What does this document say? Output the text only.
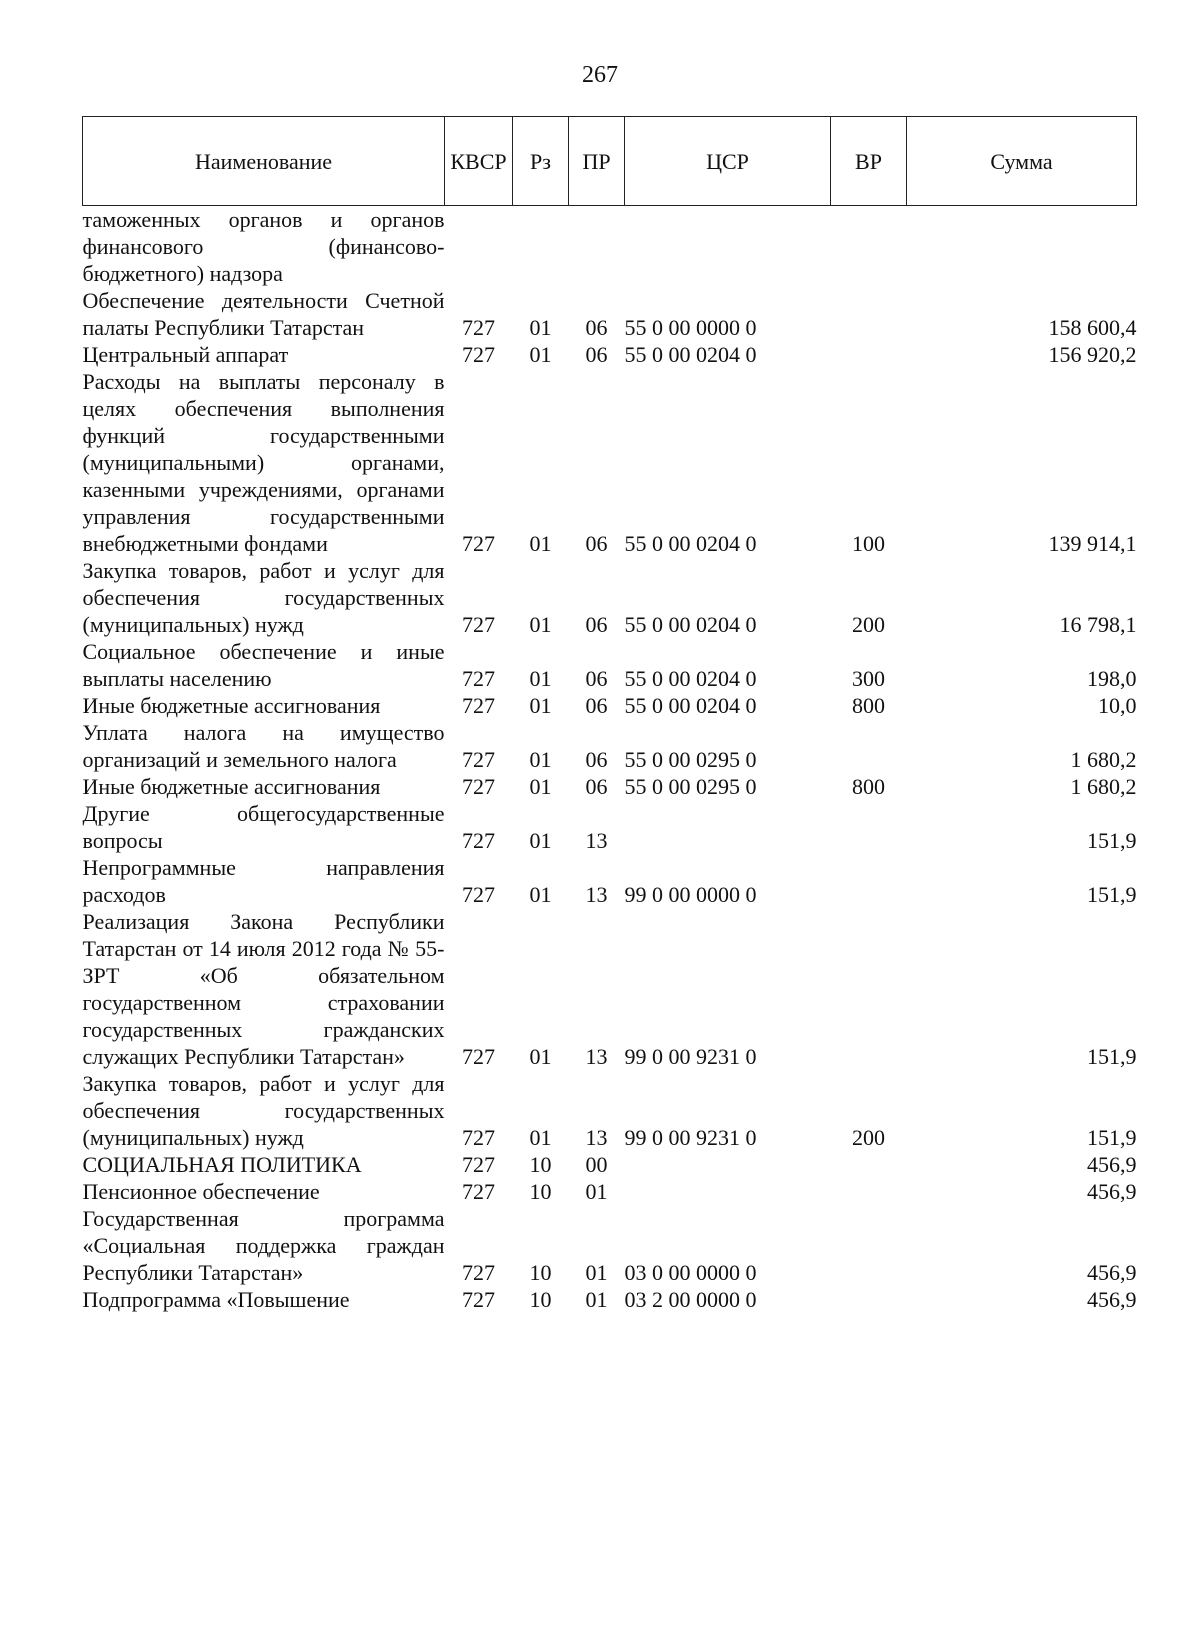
267
Наименование	КВСР	Рз	ПР	ЦСР	ВР	Сумма
таможенных органов и органов финансового (финансово-бюджетного) надзора						
Обеспечение деятельности Счетной палаты Республики Татарстан	727	01	06	55 0 00 0000 0		158 600,4
Центральный аппарат	727	01	06	55 0 00 0204 0		156 920,2
Расходы на выплаты персоналу в целях обеспечения выполнения функций государственными (муниципальными) органами, казенными учреждениями, органами управления государственными внебюджетными фондами	727	01	06	55 0 00 0204 0	100	139 914,1
Закупка товаров, работ и услуг для обеспечения государственных (муниципальных) нужд	727	01	06	55 0 00 0204 0	200	16 798,1
Социальное обеспечение и иные выплаты населению	727	01	06	55 0 00 0204 0	300	198,0
Иные бюджетные ассигнования	727	01	06	55 0 00 0204 0	800	10,0
Уплата налога на имущество организаций и земельного налога	727	01	06	55 0 00 0295 0		1 680,2
Иные бюджетные ассигнования	727	01	06	55 0 00 0295 0	800	1 680,2
Другие общегосударственные вопросы	727	01	13			151,9
Непрограммные направления расходов	727	01	13	99 0 00 0000 0		151,9
Реализация Закона Республики Татарстан от 14 июля 2012 года № 55-ЗРТ «Об обязательном государственном страховании государственных гражданских служащих Республики Татарстан»	727	01	13	99 0 00 9231 0		151,9
Закупка товаров, работ и услуг для обеспечения государственных (муниципальных) нужд	727	01	13	99 0 00 9231 0	200	151,9
СОЦИАЛЬНАЯ ПОЛИТИКА	727	10	00			456,9
Пенсионное обеспечение	727	10	01			456,9
Государственная программа «Социальная поддержка граждан Республики Татарстан»	727	10	01	03 0 00 0000 0		456,9
Подпрограмма «Повышение	727	10	01	03 2 00 0000 0		456,9
